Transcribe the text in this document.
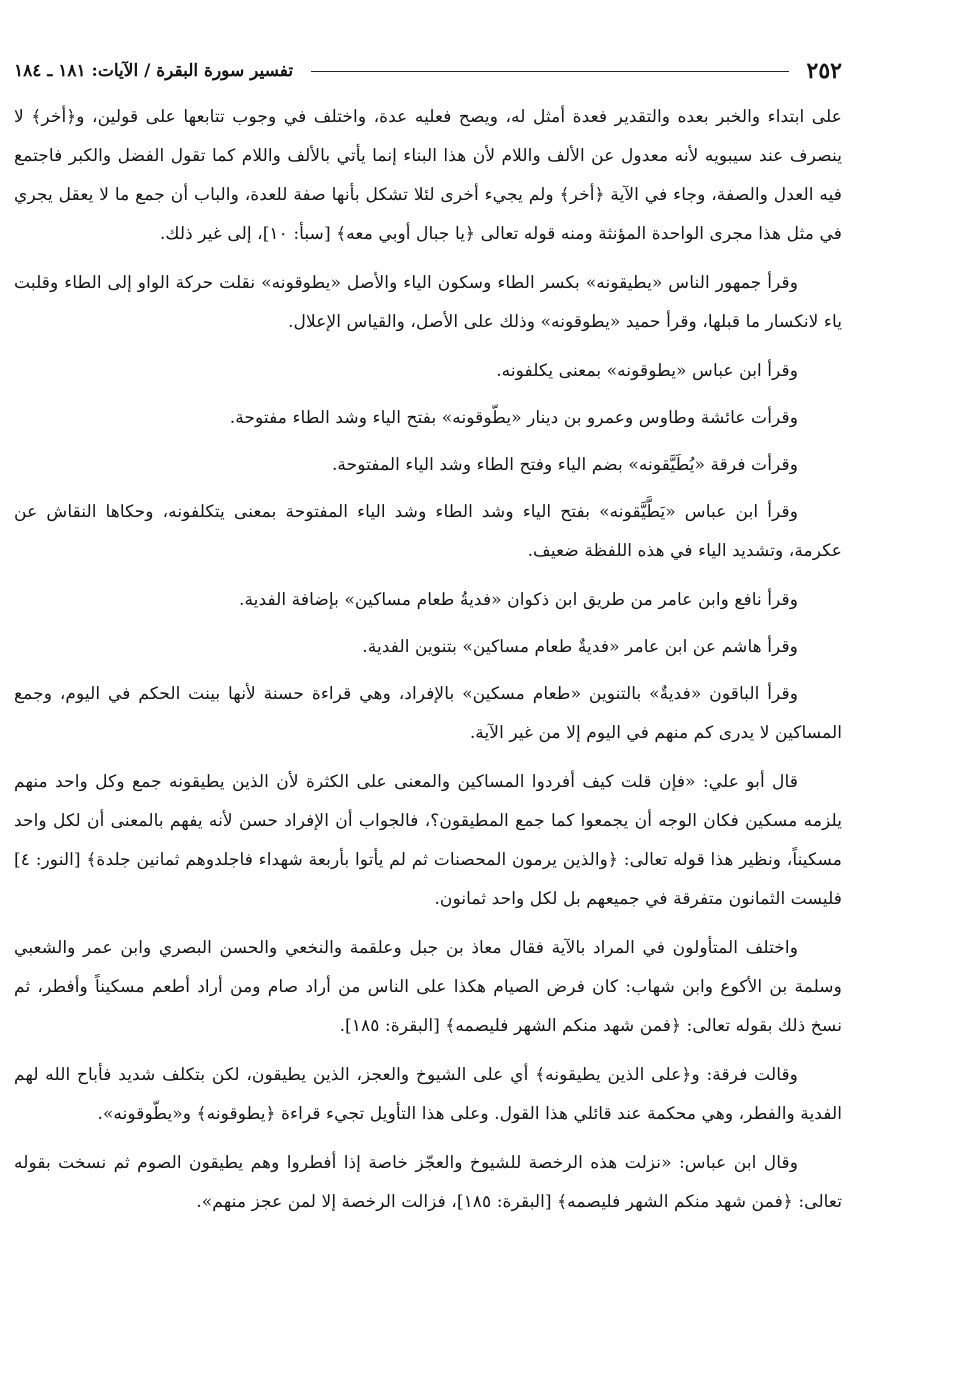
٢٥٢
تفسير سورة البقرة / الآيات: ١٨١ ـ ١٨٤

على ابتداء والخبر بعده والتقدير فعدة أمثل له، ويصح فعليه عدة، واختلف في وجوب تتابعها على قولين، و﴿أخر﴾ لا ينصرف عند سيبويه لأنه معدول عن الألف واللام لأن هذا البناء إنما يأتي بالألف واللام كما تقول الفضل والكبر فاجتمع فيه العدل والصفة، وجاء في الآية ﴿أخر﴾ ولم يجيء أخرى لئلا تشكل بأنها صفة للعدة، والباب أن جمع ما لا يعقل يجري في مثل هذا مجرى الواحدة المؤنثة ومنه قوله تعالى ﴿يا جبال أوبي معه﴾ [سبأ: ١٠]، إلى غير ذلك.

وقرأ جمهور الناس «يطيقونه» بكسر الطاء وسكون الياء والأصل «يطوقونه» نقلت حركة الواو إلى الطاء وقلبت ياء لانكسار ما قبلها، وقرأ حميد «يطوقونه» وذلك على الأصل، والقياس الإعلال.

وقرأ ابن عباس «يطوقونه» بمعنى يكلفونه.

وقرأت عائشة وطاوس وعمرو بن دينار «يطّوقونه» بفتح الياء وشد الطاء مفتوحة.

وقرأت فرقة «يُطَيَّقونه» بضم الياء وفتح الطاء وشد الياء المفتوحة.

وقرأ ابن عباس «يَطَّيَّقونه» بفتح الياء وشد الطاء وشد الياء المفتوحة بمعنى يتكلفونه، وحكاها النقاش عن عكرمة، وتشديد الياء في هذه اللفظة ضعيف.

وقرأ نافع وابن عامر من طريق ابن ذكوان «فديةُ طعام مساكين» بإضافة الفدية.

وقرأ هاشم عن ابن عامر «فديةٌ طعام مساكين» بتنوين الفدية.

وقرأ الباقون «فديةٌ» بالتنوين «طعام مسكين» بالإفراد، وهي قراءة حسنة لأنها بينت الحكم في اليوم، وجمع المساكين لا يدرى كم منهم في اليوم إلا من غير الآية.

قال أبو علي: «فإن قلت كيف أفردوا المساكين والمعنى على الكثرة لأن الذين يطيقونه جمع وكل واحد منهم يلزمه مسكين فكان الوجه أن يجمعوا كما جمع المطيقون؟، فالجواب أن الإفراد حسن لأنه يفهم بالمعنى أن لكل واحد مسكيناً، ونظير هذا قوله تعالى: ﴿والذين يرمون المحصنات ثم لم يأتوا بأربعة شهداء فاجلدوهم ثمانين جلدة﴾ [النور: ٤] فليست الثمانون متفرقة في جميعهم بل لكل واحد ثمانون.

واختلف المتأولون في المراد بالآية فقال معاذ بن جبل وعلقمة والنخعي والحسن البصري وابن عمر والشعبي وسلمة بن الأكوع وابن شهاب: كان فرض الصيام هكذا على الناس من أراد صام ومن أراد أطعم مسكيناً وأفطر، ثم نسخ ذلك بقوله تعالى: ﴿فمن شهد منكم الشهر فليصمه﴾ [البقرة: ١٨٥].

وقالت فرقة: و﴿على الذين يطيقونه﴾ أي على الشيوخ والعجز، الذين يطيقون، لكن بتكلف شديد فأباح الله لهم الفدية والفطر، وهي محكمة عند قائلي هذا القول. وعلى هذا التأويل تجيء قراءة ﴿يطوقونه﴾ و«يطّوقونه».

وقال ابن عباس: «نزلت هذه الرخصة للشيوخ والعجّز خاصة إذا أفطروا وهم يطيقون الصوم ثم نسخت بقوله تعالى: ﴿فمن شهد منكم الشهر فليصمه﴾ [البقرة: ١٨٥]، فزالت الرخصة إلا لمن عجز منهم».
